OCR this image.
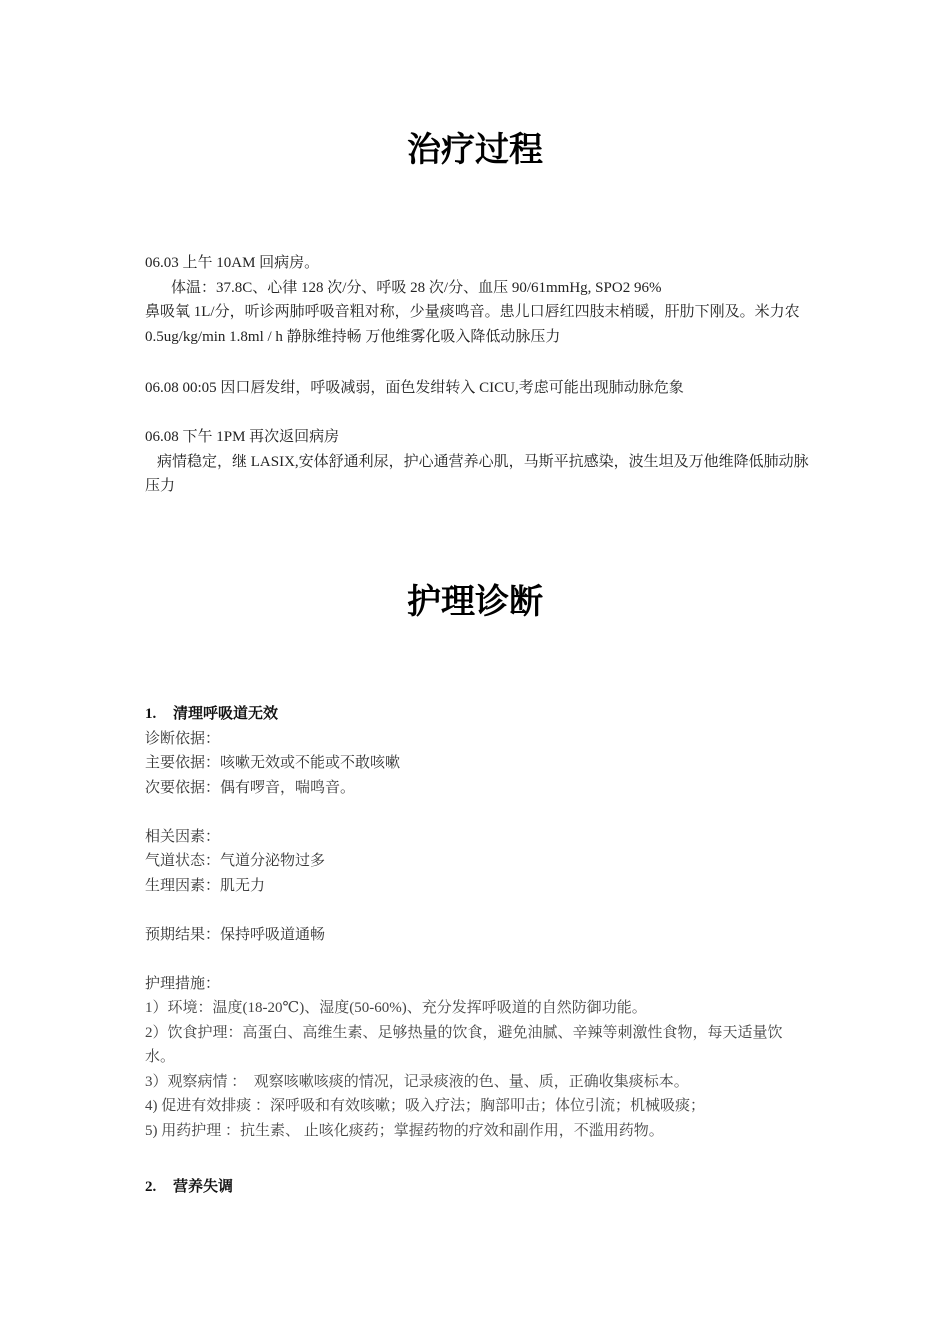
治疗过程
06.03 上午 10AM 回病房。
体温：37.8C、心律 128 次/分、呼吸 28 次/分、血压 90/61mmHg, SPO2 96%
鼻吸氧 1L/分，听诊两肺呼吸音粗对称，少量痰鸣音。患儿口唇红四肢末梢暖，肝肋下刚及。米力农 0.5ug/kg/min 1.8ml / h 静脉维持畅 万他维雾化吸入降低动脉压力
06.08 00:05 因口唇发绀，呼吸减弱，面色发绀转入 CICU,考虑可能出现肺动脉危象
06.08 下午 1PM 再次返回病房
病情稳定，继 LASIX,安体舒通利尿，护心通营养心肌，马斯平抗感染，波生坦及万他维降低肺动脉压力
护理诊断
1. 清理呼吸道无效
诊断依据：
主要依据：咳嗽无效或不能或不敢咳嗽
次要依据：偶有啰音，喘鸣音。
相关因素：
气道状态：气道分泌物过多
生理因素：肌无力
预期结果：保持呼吸道通畅
护理措施：
1）环境：温度(18-20℃)、湿度(50-60%)、充分发挥呼吸道的自然防御功能。
2）饮食护理：高蛋白、高维生素、足够热量的饮食，避免油腻、辛辣等刺激性食物，每天适量饮水。
3）观察病情 ：  观察咳嗽咳痰的情况，记录痰液的色、量、质，正确收集痰标本。
4) 促进有效排痰 ：深呼吸和有效咳嗽；吸入疗法；胸部叩击；体位引流；机械吸痰；
5) 用药护理 ：抗生素、 止咳化痰药；掌握药物的疗效和副作用，不滥用药物。
2. 营养失调
